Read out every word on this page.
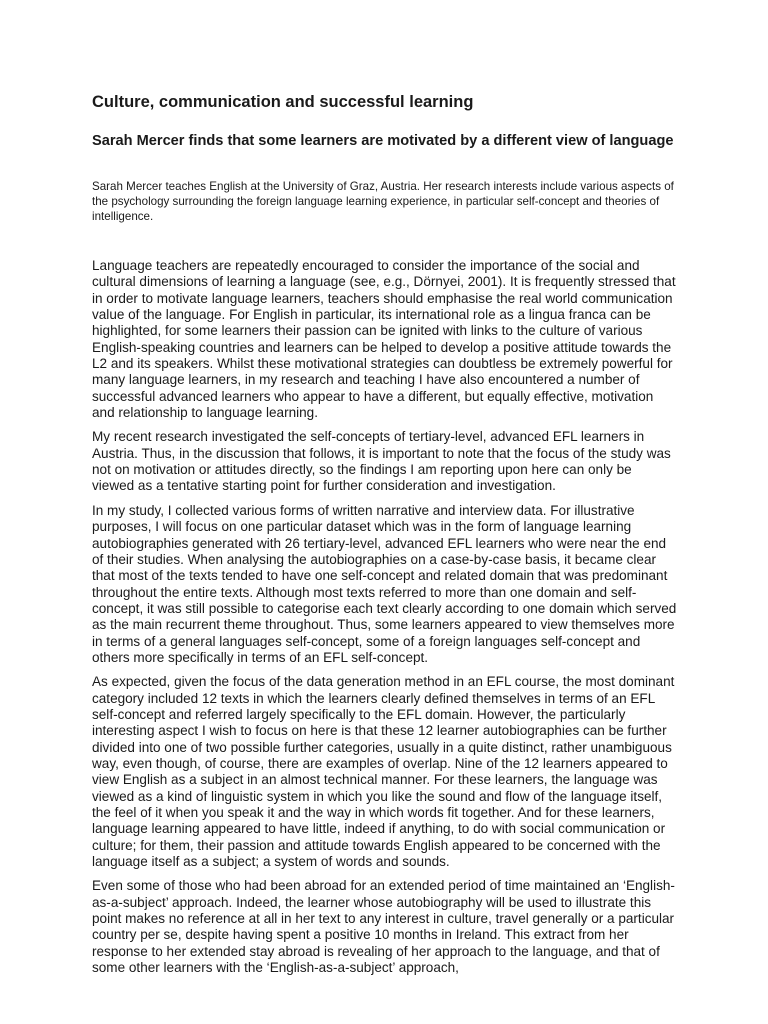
Culture, communication and successful learning
Sarah Mercer finds that some learners are motivated by a different view of language

Sarah Mercer teaches English at the University of Graz, Austria. Her research interests include various aspects of the psychology surrounding the foreign language learning experience, in particular self-concept and theories of intelligence.

Language teachers are repeatedly encouraged to consider the importance of the social and cultural dimensions of learning a language (see, e.g., Dörnyei, 2001). It is frequently stressed that in order to motivate language learners, teachers should emphasise the real world communication value of the language. For English in particular, its international role as a lingua franca can be highlighted, for some learners their passion can be ignited with links to the culture of various English-speaking countries and learners can be helped to develop a positive attitude towards the L2 and its speakers. Whilst these motivational strategies can doubtless be extremely powerful for many language learners, in my research and teaching I have also encountered a number of successful advanced learners who appear to have a different, but equally effective, motivation and relationship to language learning.

My recent research investigated the self-concepts of tertiary-level, advanced EFL learners in Austria. Thus, in the discussion that follows, it is important to note that the focus of the study was not on motivation or attitudes directly, so the findings I am reporting upon here can only be viewed as a tentative starting point for further consideration and investigation.

In my study, I collected various forms of written narrative and interview data. For illustrative purposes, I will focus on one particular dataset which was in the form of language learning autobiographies generated with 26 tertiary-level, advanced EFL learners who were near the end of their studies. When analysing the autobiographies on a case-by-case basis, it became clear that most of the texts tended to have one self-concept and related domain that was predominant throughout the entire texts. Although most texts referred to more than one domain and self-concept, it was still possible to categorise each text clearly according to one domain which served as the main recurrent theme throughout. Thus, some learners appeared to view themselves more in terms of a general languages self-concept, some of a foreign languages self-concept and others more specifically in terms of an EFL self-concept.

As expected, given the focus of the data generation method in an EFL course, the most dominant category included 12 texts in which the learners clearly defined themselves in terms of an EFL self-concept and referred largely specifically to the EFL domain. However, the particularly interesting aspect I wish to focus on here is that these 12 learner autobiographies can be further divided into one of two possible further categories, usually in a quite distinct, rather unambiguous way, even though, of course, there are examples of overlap. Nine of the 12 learners appeared to view English as a subject in an almost technical manner. For these learners, the language was viewed as a kind of linguistic system in which you like the sound and flow of the language itself, the feel of it when you speak it and the way in which words fit together. And for these learners, language learning appeared to have little, indeed if anything, to do with social communication or culture; for them, their passion and attitude towards English appeared to be concerned with the language itself as a subject; a system of words and sounds.

Even some of those who had been abroad for an extended period of time maintained an ‘English-as-a-subject’ approach. Indeed, the learner whose autobiography will be used to illustrate this point makes no reference at all in her text to any interest in culture, travel generally or a particular country per se, despite having spent a positive 10 months in Ireland. This extract from her response to her extended stay abroad is revealing of her approach to the language, and that of some other learners with the ‘English-as-a-subject’ approach,
